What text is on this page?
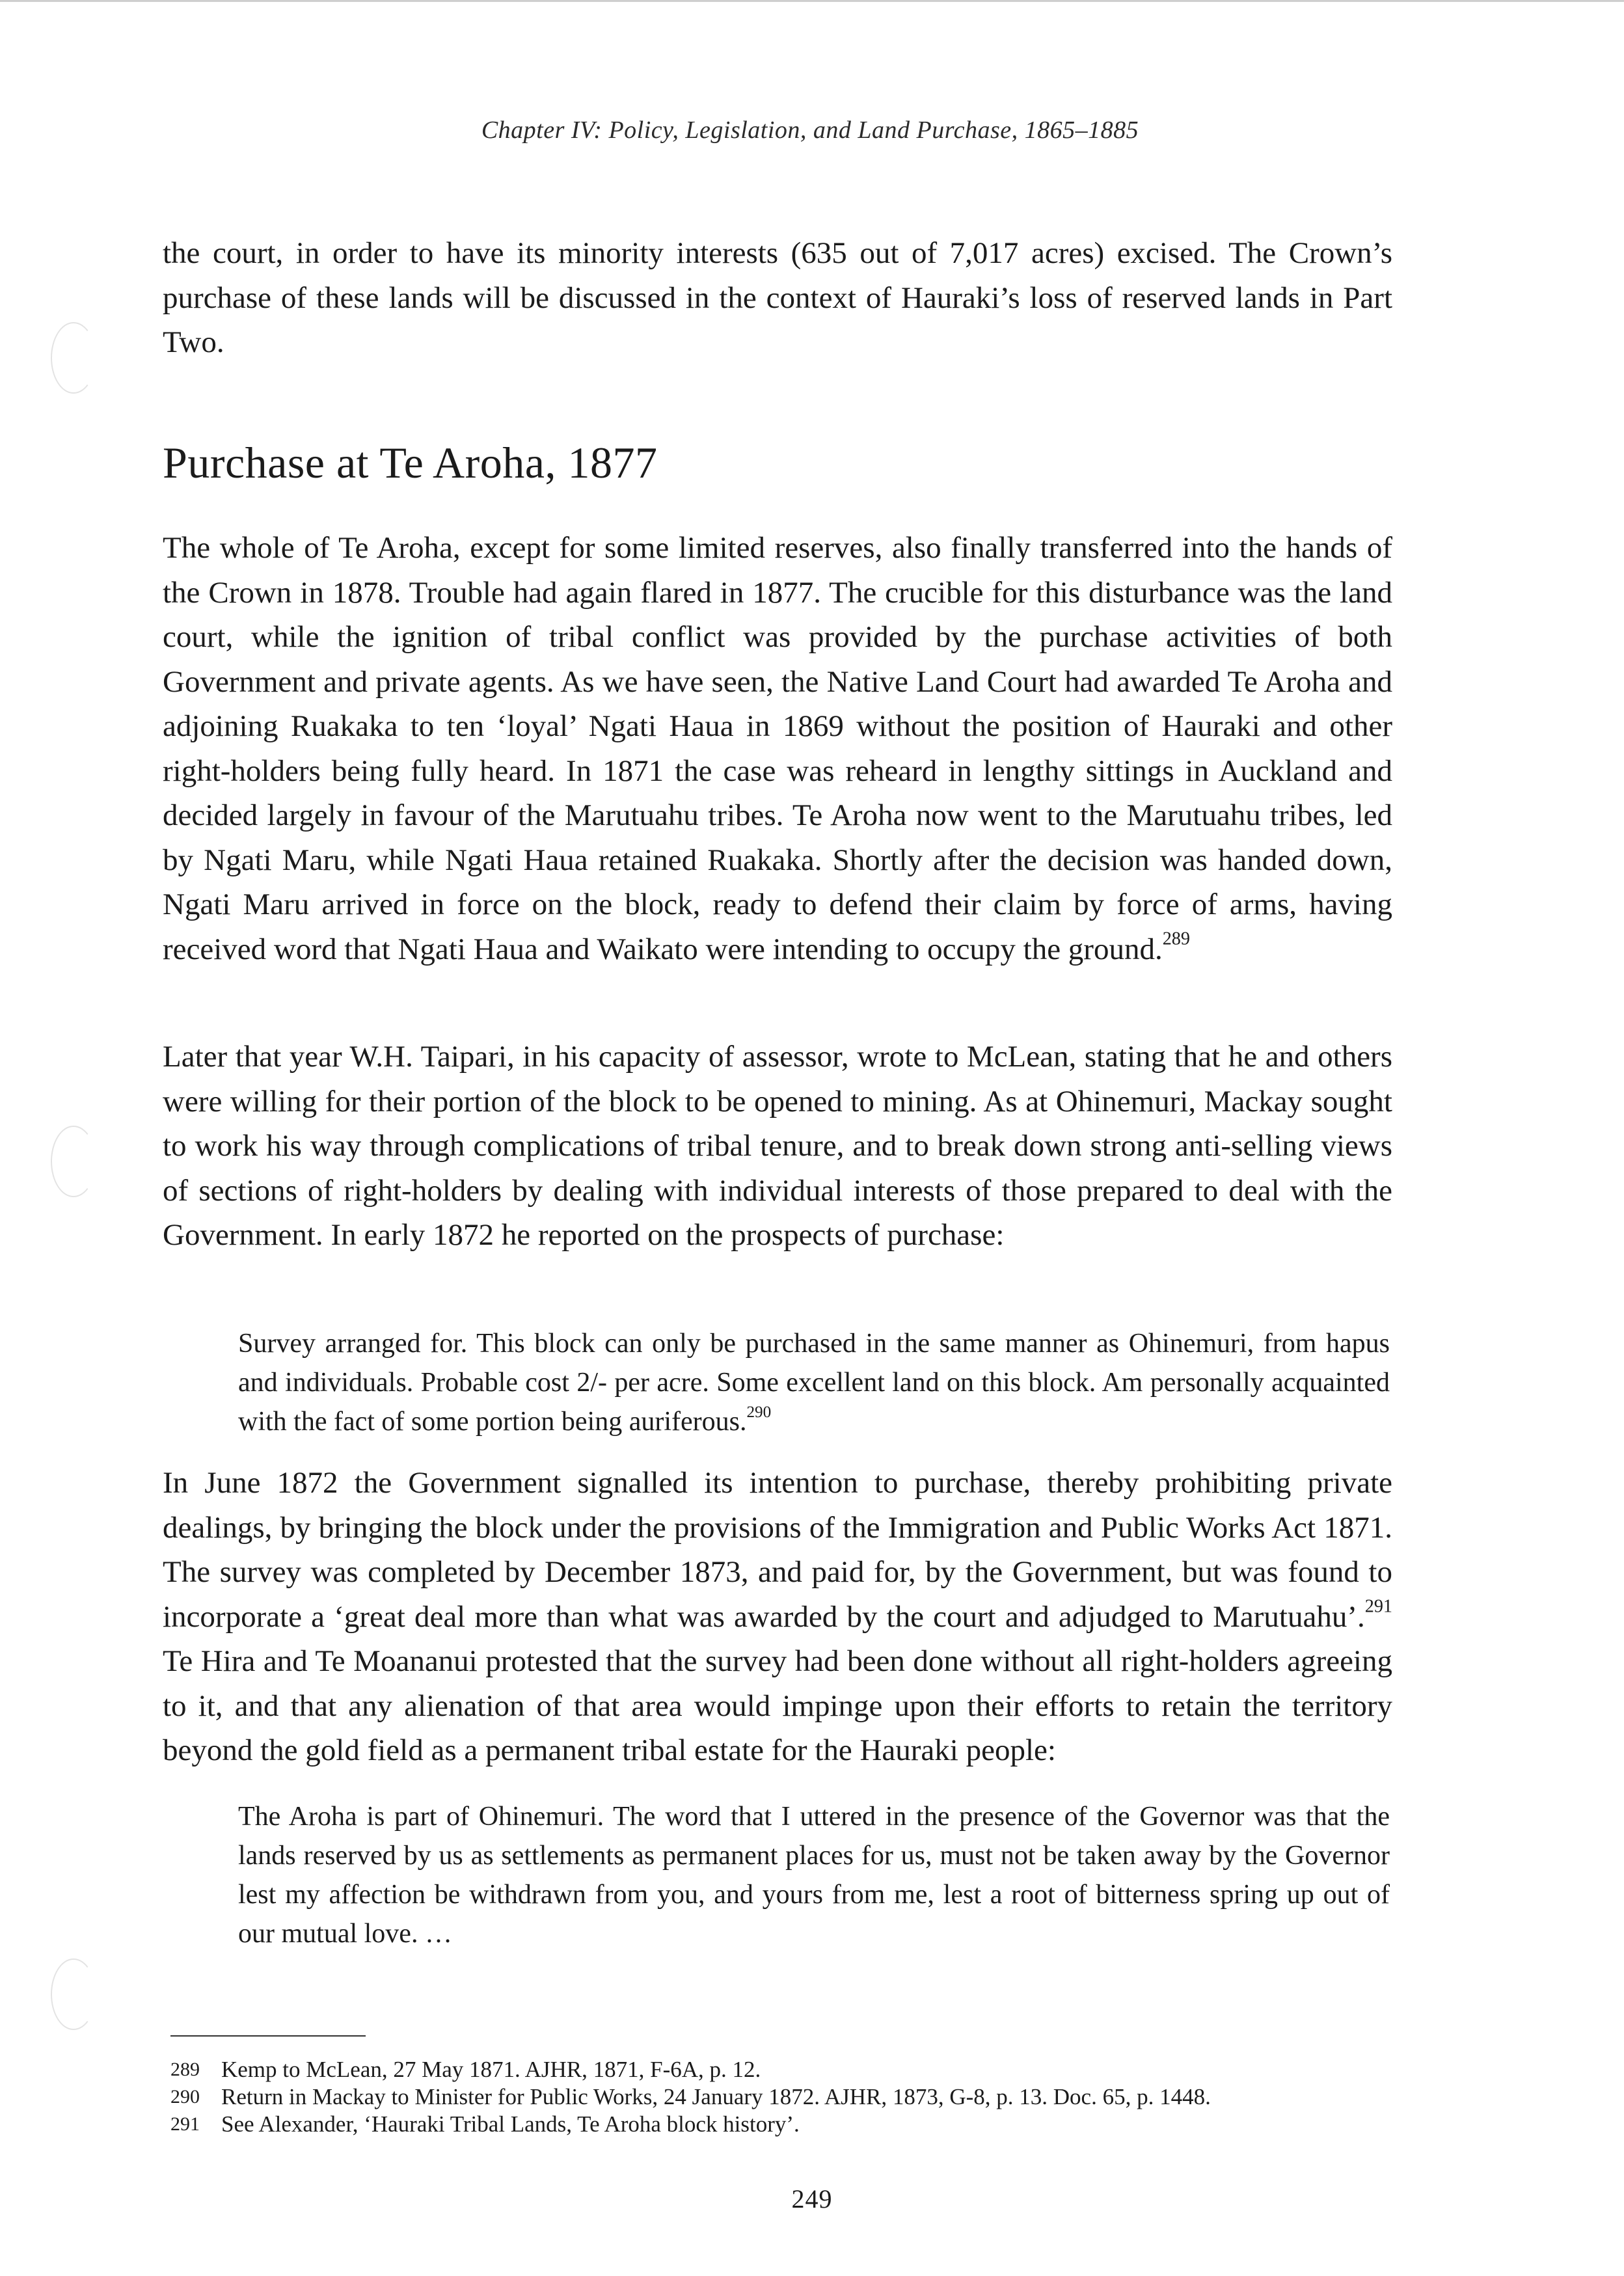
Chapter IV: Policy, Legislation, and Land Purchase, 1865–1885

the court, in order to have its minority interests (635 out of 7,017 acres) excised. The Crown’s purchase of these lands will be discussed in the context of Hauraki’s loss of reserved lands in Part Two.

Purchase at Te Aroha, 1877

The whole of Te Aroha, except for some limited reserves, also finally transferred into the hands of the Crown in 1878. Trouble had again flared in 1877. The crucible for this disturbance was the land court, while the ignition of tribal conflict was provided by the purchase activities of both Government and private agents. As we have seen, the Native Land Court had awarded Te Aroha and adjoining Ruakaka to ten ‘loyal’ Ngati Haua in 1869 without the position of Hauraki and other right-holders being fully heard. In 1871 the case was reheard in lengthy sittings in Auckland and decided largely in favour of the Marutuahu tribes. Te Aroha now went to the Marutuahu tribes, led by Ngati Maru, while Ngati Haua retained Ruakaka. Shortly after the decision was handed down, Ngati Maru arrived in force on the block, ready to defend their claim by force of arms, having received word that Ngati Haua and Waikato were intending to occupy the ground.$^{289}$

Later that year W.H. Taipari, in his capacity of assessor, wrote to McLean, stating that he and others were willing for their portion of the block to be opened to mining. As at Ohinemuri, Mackay sought to work his way through complications of tribal tenure, and to break down strong anti-selling views of sections of right-holders by dealing with individual interests of those prepared to deal with the Government. In early 1872 he reported on the prospects of purchase:

Survey arranged for. This block can only be purchased in the same manner as Ohinemuri, from hapus and individuals. Probable cost 2/- per acre. Some excellent land on this block. Am personally acquainted with the fact of some portion being auriferous.$^{290}$

In June 1872 the Government signalled its intention to purchase, thereby prohibiting private dealings, by bringing the block under the provisions of the Immigration and Public Works Act 1871. The survey was completed by December 1873, and paid for, by the Government, but was found to incorporate a ‘great deal more than what was awarded by the court and adjudged to Marutuahu’.$^{291}$ Te Hira and Te Moananui protested that the survey had been done without all right-holders agreeing to it, and that any alienation of that area would impinge upon their efforts to retain the territory beyond the gold field as a permanent tribal estate for the Hauraki people:

The Aroha is part of Ohinemuri. The word that I uttered in the presence of the Governor was that the lands reserved by us as settlements as permanent places for us, must not be taken away by the Governor lest my affection be withdrawn from you, and yours from me, lest a root of bitterness spring up out of our mutual love. …

289 Kemp to McLean, 27 May 1871. AJHR, 1871, F-6A, p. 12.
290 Return in Mackay to Minister for Public Works, 24 January 1872. AJHR, 1873, G-8, p. 13. Doc. 65, p. 1448.
291 See Alexander, ‘Hauraki Tribal Lands, Te Aroha block history’.
249
